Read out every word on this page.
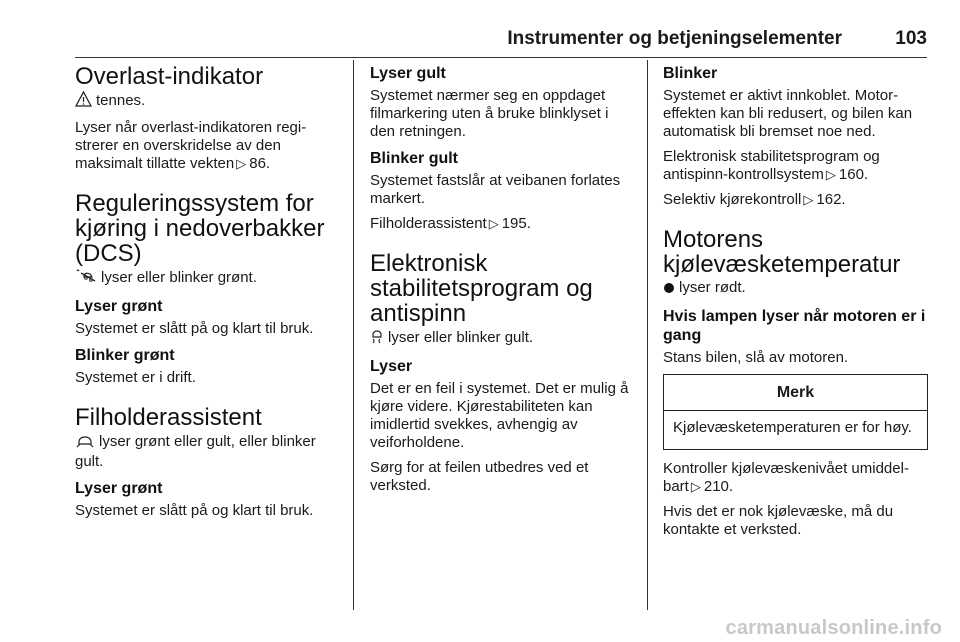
Instrumenter og betjeningselementer	103
Overlast-indikator

tennes.

Lyser når overlast-indikatoren regi-strerer en overskridelse av den maksimalt tillatte vekten ▷ 86.

Reguleringssystem for kjøring i nedoverbakker (DCS)

lyser eller blinker grønt.

Lyser grønt

Systemet er slått på og klart til bruk.

Blinker grønt

Systemet er i drift.

Filholderassistent

lyser grønt eller gult, eller blinker gult.

Lyser grønt

Systemet er slått på og klart til bruk.

Lyser gult

Systemet nærmer seg en oppdaget filmarkering uten å bruke blinklyset i den retningen.

Blinker gult

Systemet fastslår at veibanen forlates markert.

Filholderassistent ▷ 195.

Elektronisk stabilitetsprogram og antispinn

lyser eller blinker gult.

Lyser

Det er en feil i systemet. Det er mulig å kjøre videre. Kjørestabiliteten kan imidlertid svekkes, avhengig av veiforholdene.

Sørg for at feilen utbedres ved et verksted.

Blinker

Systemet er aktivt innkoblet. Motor-effekten kan bli redusert, og bilen kan automatisk bli bremset noe ned.

Elektronisk stabilitetsprogram og antispinn-kontrollsystem ▷ 160.

Selektiv kjørekontroll ▷ 162.

Motorens kjølevæsketemperatur

lyser rødt.

Hvis lampen lyser når motoren er i gang

Stans bilen, slå av motoren.

Merk
Kjølevæsketemperaturen er for høy.

Kontroller kjølevæskenivået umiddel-bart ▷ 210.

Hvis det er nok kjølevæske, må du kontakte et verksted.

carmanualsonline.info
